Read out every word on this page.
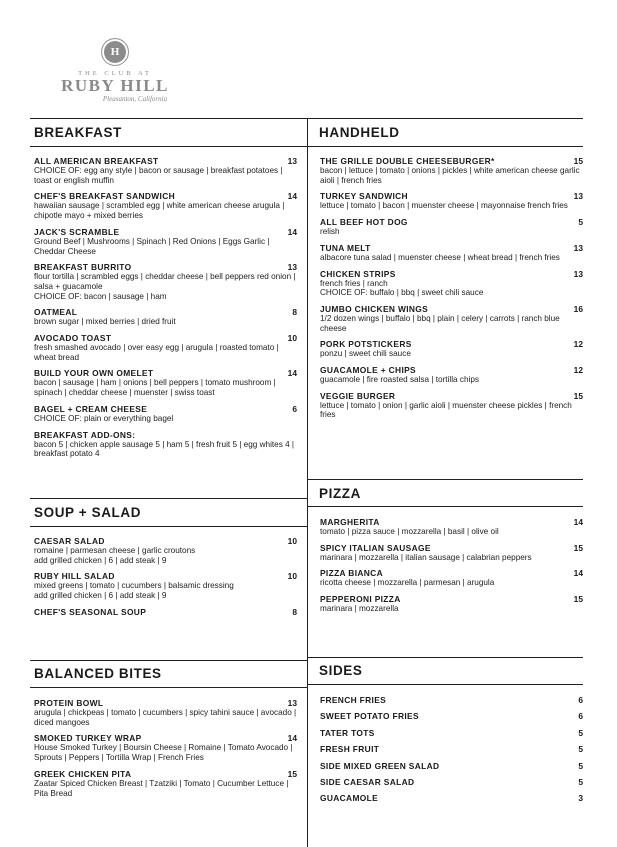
H
THE CLUB AT
RUBY HILL
Pleasanton, California
BREAKFAST	HANDHELD
SOUP + SALAD
PIZZA
BALANCED BITES	SIDES
ALL AMERICAN BREAKFAST	13
CHOICE OF: egg any style | bacon or sausage | breakfast potatoes | toast or english muffin
CHEF'S BREAKFAST SANDWICH	14
hawaiian sausage | scrambled egg | white american cheese arugula | chipotle mayo + mixed berries
JACK'S SCRAMBLE	14
Ground Beef | Mushrooms | Spinach | Red Onions | Eggs Garlic | Cheddar Cheese
BREAKFAST BURRITO	13
flour tortilla | scrambled eggs | cheddar cheese | bell peppers red onion | salsa + guacamole
CHOICE OF: bacon | sausage | ham
OATMEAL	8
brown sugar | mixed berries | dried fruit
AVOCADO TOAST	10
fresh smashed avocado | over easy egg | arugula | roasted tomato | wheat bread
BUILD YOUR OWN OMELET	14
bacon | sausage | ham | onions | bell peppers | tomato mushroom | spinach | cheddar cheese | muenster | swiss toast
BAGEL + CREAM CHEESE	6
CHOICE OF: plain or everything bagel
BREAKFAST ADD-ONS:
bacon 5 | chicken apple sausage 5 | ham 5 | fresh fruit 5 | egg whites 4 | breakfast potato 4
THE GRILLE DOUBLE CHEESEBURGER*	15
bacon | lettuce | tomato | onions | pickles | white american cheese garlic aioli | french fries
TURKEY SANDWICH	13
lettuce | tomato | bacon | muenster cheese | mayonnaise french fries
ALL BEEF HOT DOG	5
relish
TUNA MELT	13
albacore tuna salad | muenster cheese | wheat bread | french fries
CHICKEN STRIPS	13
french fries | ranch
CHOICE OF: buffalo | bbq | sweet chili sauce
JUMBO CHICKEN WINGS	16
1/2 dozen wings | buffalo | bbq | plain | celery | carrots | ranch blue cheese
PORK POTSTICKERS	12
ponzu | sweet chili sauce
GUACAMOLE + CHIPS	12
guacamole | fire roasted salsa | tortilla chips
VEGGIE BURGER	15
lettuce | tomato | onion | garlic aioli | muenster cheese pickles | french fries
CAESAR SALAD	10
romaine | parmesan cheese | garlic croutons
add grilled chicken | 6 | add steak | 9
RUBY HILL SALAD	10
mixed greens | tomato | cucumbers | balsamic dressing
add grilled chicken | 6 | add steak | 9
CHEF'S SEASONAL SOUP	8
MARGHERITA	14
tomato | pizza sauce | mozzarella | basil | olive oil
SPICY ITALIAN SAUSAGE	15
marinara | mozzarella | italian sausage | calabrian peppers
PIZZA BIANCA	14
ricotta cheese | mozzarella | parmesan | arugula
PEPPERONI PIZZA	15
marinara | mozzarella
PROTEIN BOWL	13
arugula | chickpeas | tomato | cucumbers | spicy tahini sauce | avocado | diced mangoes
SMOKED TURKEY WRAP	14
House Smoked Turkey | Boursin Cheese | Romaine | Tomato Avocado | Sprouts | Peppers | Tortilla Wrap | French Fries
GREEK CHICKEN PITA	15
Zaatar Spiced Chicken Breast | Tzatziki | Tomato | Cucumber Lettuce | Pita Bread
FRENCH FRIES	6
SWEET POTATO FRIES	6
TATER TOTS	5
FRESH FRUIT	5
SIDE MIXED GREEN SALAD	5
SIDE CAESAR SALAD	5
GUACAMOLE	3
